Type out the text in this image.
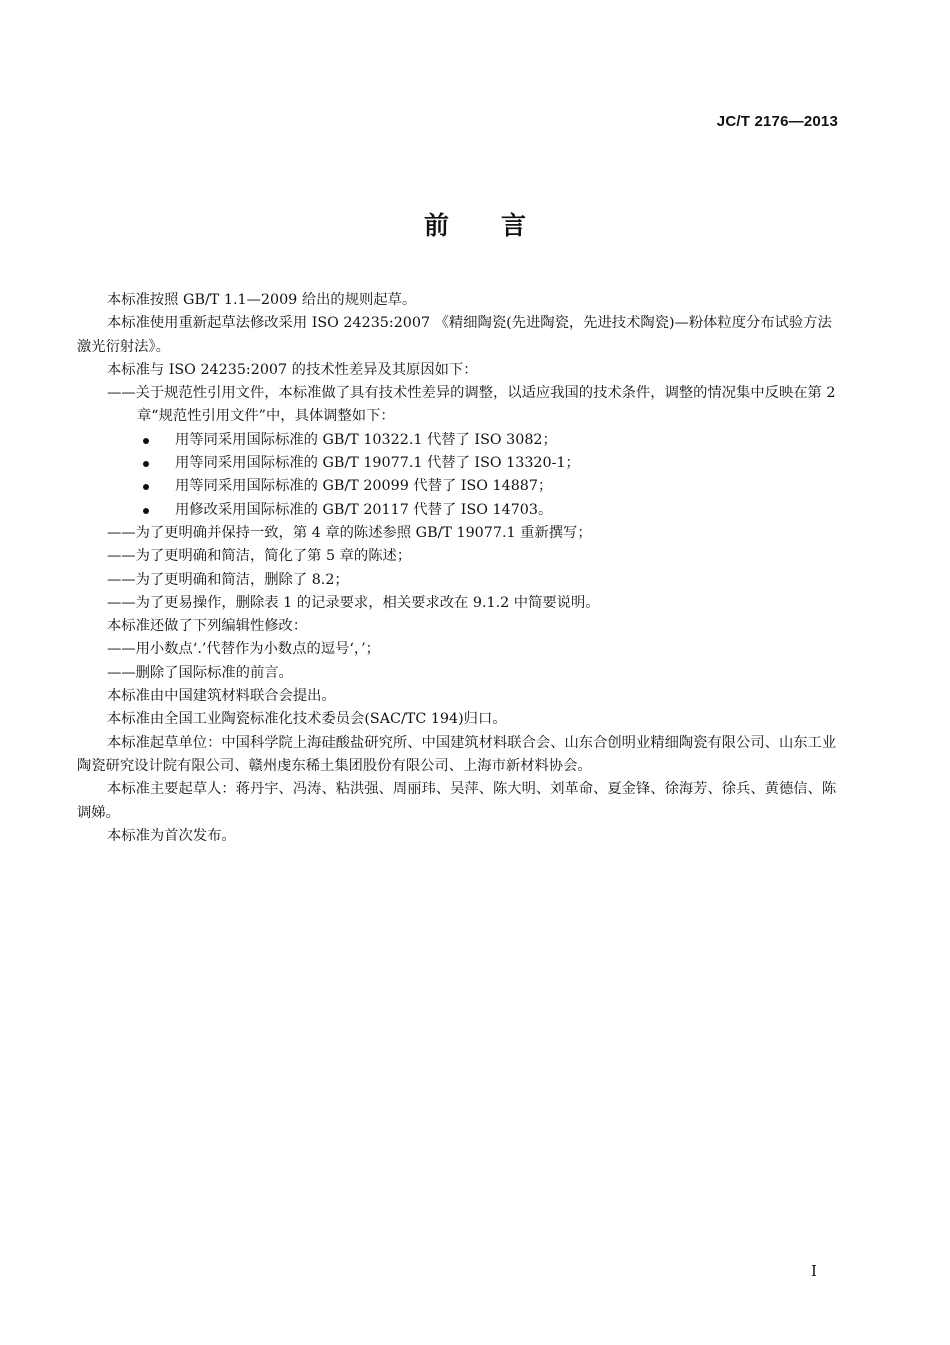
JC/T 2176—2013
前言

本标准按照 GB/T 1.1—2009 给出的规则起草。

本标准使用重新起草法修改采用 ISO 24235:2007 《精细陶瓷(先进陶瓷，先进技术陶瓷)—粉体粒度分布试验方法 激光衍射法》。

本标准与 ISO 24235:2007 的技术性差异及其原因如下：

——关于规范性引用文件，本标准做了具有技术性差异的调整，以适应我国的技术条件，调整的情况集中反映在第 2 章“规范性引用文件”中，具体调整如下：

用等同采用国际标准的 GB/T 10322.1 代替了 ISO 3082；
用等同采用国际标准的 GB/T 19077.1 代替了 ISO 13320-1；
用等同采用国际标准的 GB/T 20099 代替了 ISO 14887；
用修改采用国际标准的 GB/T 20117 代替了 ISO 14703。

——为了更明确并保持一致，第 4 章的陈述参照 GB/T 19077.1 重新撰写；

——为了更明确和简洁，简化了第 5 章的陈述；

——为了更明确和简洁，删除了 8.2；

——为了更易操作，删除表 1 的记录要求，相关要求改在 9.1.2 中简要说明。

本标准还做了下列编辑性修改：

——用小数点‘.’代替作为小数点的逗号‘，’；

——删除了国际标准的前言。

本标准由中国建筑材料联合会提出。

本标准由全国工业陶瓷标准化技术委员会(SAC/TC 194)归口。

本标准起草单位：中国科学院上海硅酸盐研究所、中国建筑材料联合会、山东合创明业精细陶瓷有限公司、山东工业陶瓷研究设计院有限公司、赣州虔东稀土集团股份有限公司、上海市新材料协会。

本标准主要起草人：蒋丹宇、冯涛、粘洪强、周丽玮、吴萍、陈大明、刘革命、夏金锋、徐海芳、徐兵、黄德信、陈调娣。

本标准为首次发布。

I
